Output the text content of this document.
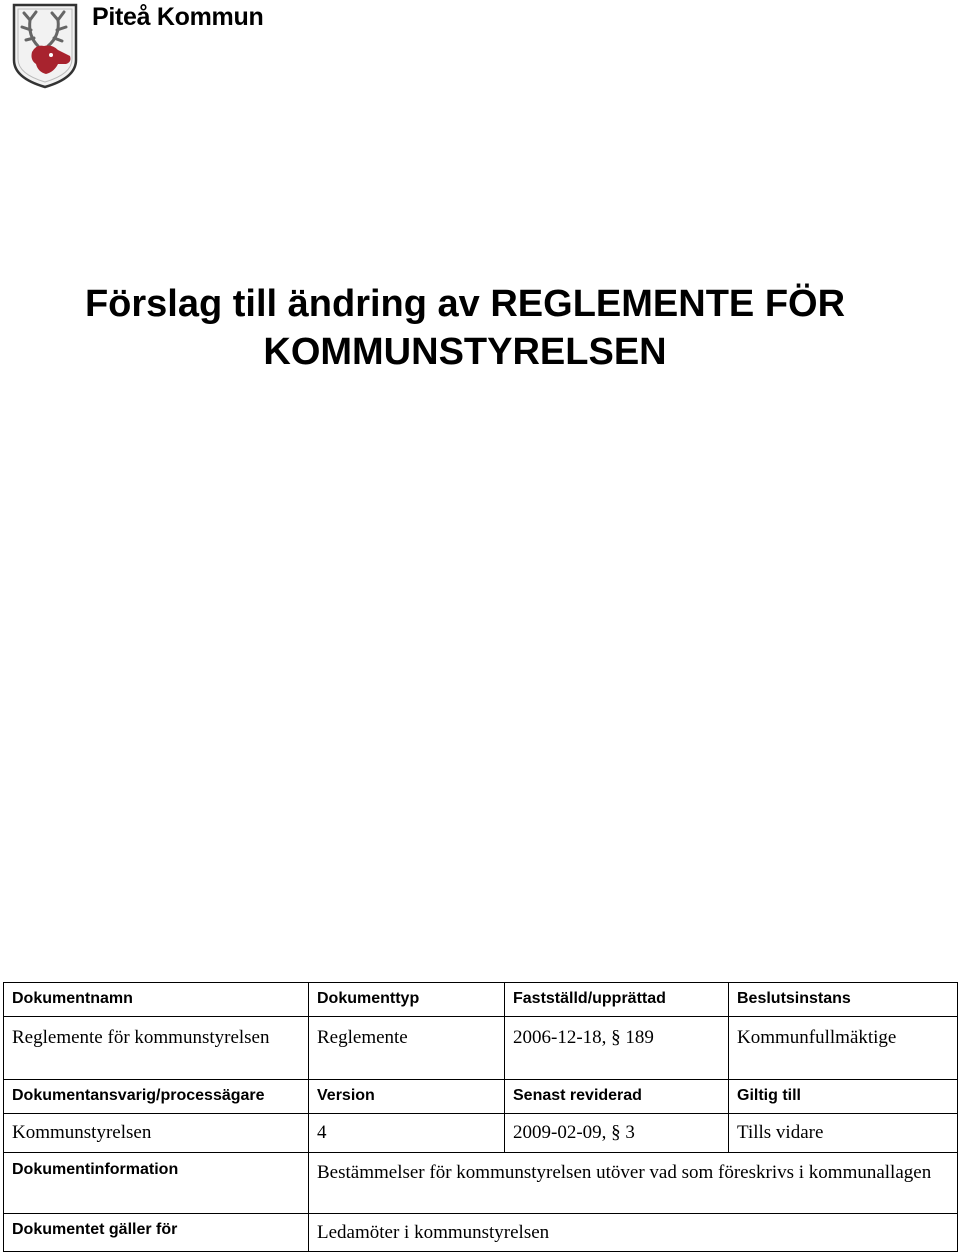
Piteå Kommun
Förslag till ändring av REGLEMENTE FÖR
KOMMUNSTYRELSEN
Dokumentnamn	Dokumenttyp	Fastställd/upprättad	Beslutsinstans
Reglemente för kommunstyrelsen	Reglemente	2006-12-18, § 189	Kommunfullmäktige
Dokumentansvarig/processägare	Version	Senast reviderad	Giltig till
Kommunstyrelsen	4	2009-02-09, § 3	Tills vidare
Dokumentinformation	Bestämmelser för kommunstyrelsen utöver vad som föreskrivs i kommunallagen		
Dokumentet gäller för	Ledamöter i kommunstyrelsen		
